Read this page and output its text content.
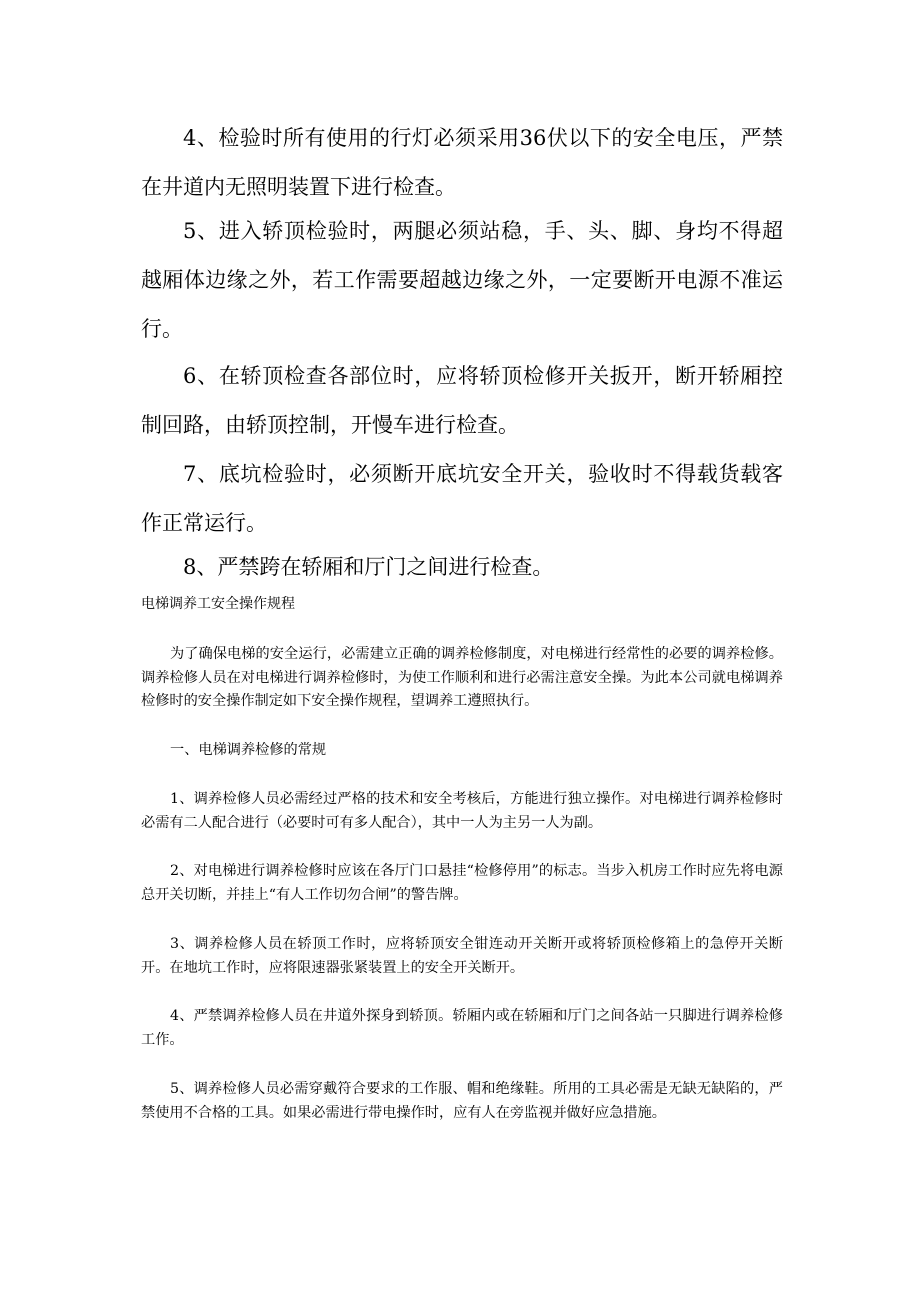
4、检验时所有使用的行灯必须采用36伏以下的安全电压，严禁在井道内无照明装置下进行检查。

5、进入轿顶检验时，两腿必须站稳，手、头、脚、身均不得超越厢体边缘之外，若工作需要超越边缘之外，一定要断开电源不准运行。

6、在轿顶检查各部位时，应将轿顶检修开关扳开，断开轿厢控制回路，由轿顶控制，开慢车进行检查。

7、底坑检验时，必须断开底坑安全开关，验收时不得载货载客作正常运行。

8、严禁跨在轿厢和厅门之间进行检查。

电梯调养工安全操作规程

为了确保电梯的安全运行，必需建立正确的调养检修制度，对电梯进行经常性的必要的调养检修。调养检修人员在对电梯进行调养检修时，为使工作顺利和进行必需注意安全操。为此本公司就电梯调养检修时的安全操作制定如下安全操作规程，望调养工遵照执行。

一、电梯调养检修的常规

1、调养检修人员必需经过严格的技术和安全考核后，方能进行独立操作。对电梯进行调养检修时必需有二人配合进行（必要时可有多人配合），其中一人为主另一人为副。

2、对电梯进行调养检修时应该在各厅门口悬挂“检修停用”的标志。当步入机房工作时应先将电源总开关切断，并挂上“有人工作切勿合闸”的警告牌。

3、调养检修人员在轿顶工作时，应将轿顶安全钳连动开关断开或将轿顶检修箱上的急停开关断开。在地坑工作时，应将限速器张紧装置上的安全开关断开。

4、严禁调养检修人员在井道外探身到轿顶。轿厢内或在轿厢和厅门之间各站一只脚进行调养检修工作。

5、调养检修人员必需穿戴符合要求的工作服、帽和绝缘鞋。所用的工具必需是无缺无缺陷的，严禁使用不合格的工具。如果必需进行带电操作时，应有人在旁监视并做好应急措施。
